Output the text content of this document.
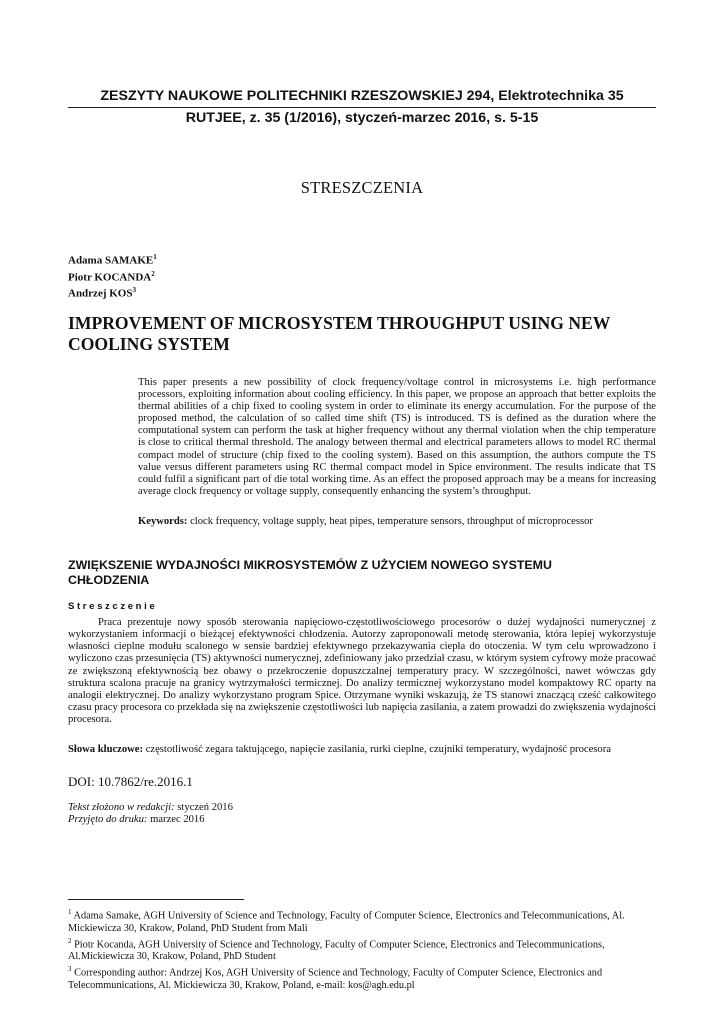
ZESZYTY NAUKOWE POLITECHNIKI RZESZOWSKIEJ 294, Elektrotechnika 35
RUTJEE, z. 35 (1/2016), styczeń-marzec 2016, s. 5-15
STRESZCZENIA
Adama SAMAKE$^1$
Piotr KOCANDA$^2$
Andrzej KOS$^3$
IMPROVEMENT OF MICROSYSTEM THROUGHPUT USING NEW
COOLING SYSTEM
This paper presents a new possibility of clock frequency/voltage control in microsystems i.e. high performance processors, exploiting information about cooling efficiency. In this paper, we propose an approach that better exploits the thermal abilities of a chip fixed to cooling system in order to eliminate its energy accumulation. For the purpose of the proposed method, the calculation of so called time shift (TS) is introduced. TS is defined as the duration where the computational system can perform the task at higher frequency without any thermal violation when the chip temperature is close to critical thermal threshold. The analogy between thermal and electrical parameters allows to model RC thermal compact model of structure (chip fixed to the cooling system). Based on this assumption, the authors compute the TS value versus different parameters using RC thermal compact model in Spice environment. The results indicate that TS could fulfil a significant part of die total working time. As an effect the proposed approach may be a means for increasing average clock frequency or voltage supply, consequently enhancing the system’s throughput.
Keywords: clock frequency, voltage supply, heat pipes, temperature sensors, throughput of microprocessor
ZWIĘKSZENIE WYDAJNOŚCI MIKROSYSTEMÓW Z UŻYCIEM NOWEGO SYSTEMU
CHŁODZENIA
Streszczenie
Praca prezentuje nowy sposób sterowania napięciowo-częstotliwościowego procesorów o dużej wydajności numerycznej z wykorzystaniem informacji o bieżącej efektywności chłodzenia. Autorzy zaproponowali metodę sterowania, która lepiej wykorzystuje własności cieplne modułu scalonego w sensie bardziej efektywnego przekazywania ciepła do otoczenia. W tym celu wprowadzono i wyliczono czas przesunięcia (TS) aktywności numerycznej, zdefiniowany jako przedział czasu, w którym system cyfrowy może pracować ze zwiększoną efektywnością bez obawy o przekroczenie dopuszczalnej temperatury pracy. W szczególności, nawet wówczas gdy struktura scalona pracuje na granicy wytrzymałości termicznej. Do analizy termicznej wykorzystano model kompaktowy RC oparty na analogii elektrycznej. Do analizy wykorzystano program Spice. Otrzymane wyniki wskazują, że TS stanowi znaczącą cześć całkowitego czasu pracy procesora co przekłada się na zwiększenie częstotliwości lub napięcia zasilania, a zatem prowadzi do zwiększenia wydajności procesora.
Słowa kluczowe: częstotliwość zegara taktującego, napięcie zasilania, rurki cieplne, czujniki temperatury, wydajność procesora
DOI: 10.7862/re.2016.1
Tekst złożono w redakcji: styczeń 2016
Przyjęto do druku: marzec 2016

$^1$ Adama Samake, AGH University of Science and Technology, Faculty of Computer Science, Electronics and Telecommunications, Al. Mickiewicza 30, Krakow, Poland, PhD Student from Mali

$^2$ Piotr Kocanda, AGH University of Science and Technology, Faculty of Computer Science, Electronics and Telecommunications, Al.Mickiewicza 30, Krakow, Poland, PhD Student

$^3$ Corresponding author: Andrzej Kos, AGH University of Science and Technology, Faculty of Computer Science, Electronics and Telecommunications, Al. Mickiewicza 30, Krakow, Poland, e-mail: kos@agh.edu.pl
